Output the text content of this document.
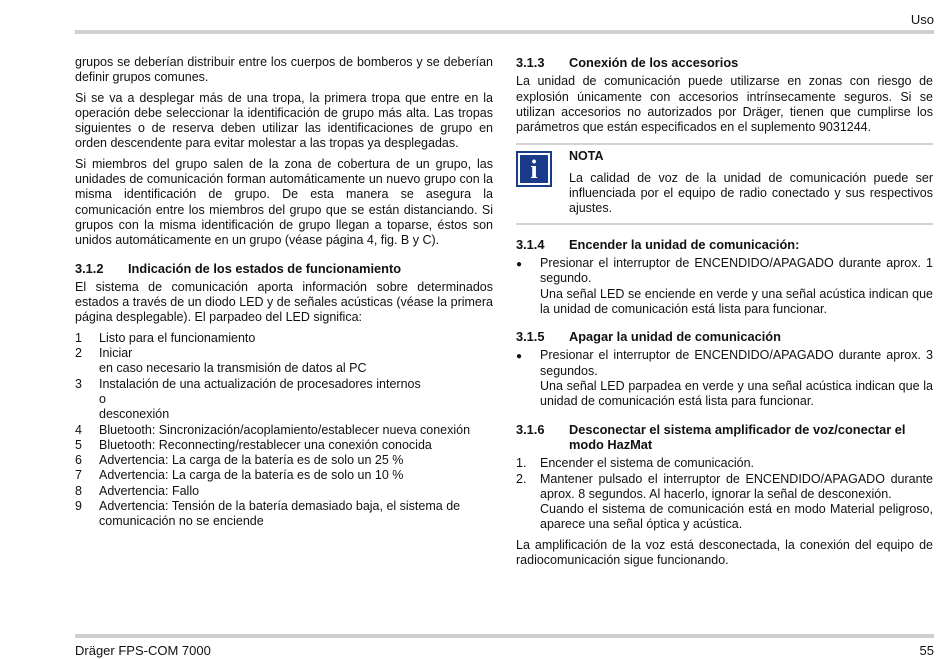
Uso

grupos se deberían distribuir entre los cuerpos de bomberos y se deberían definir grupos comunes.

Si se va a desplegar más de una tropa, la primera tropa que entre en la operación debe seleccionar la identificación de grupo más alta. Las tropas siguientes o de reserva deben utilizar las identificaciones de grupo en orden descendente para evitar molestar a las tropas ya desplegadas.

Si miembros del grupo salen de la zona de cobertura de un grupo, las unidades de comunicación forman automáticamente un nuevo grupo con la misma identificación de grupo. De esta manera se asegura la comunicación entre los miembros del grupo que se están distanciando. Si grupos con la misma identificación de grupo llegan a toparse, éstos son unidos automáticamente en un grupo (véase página 4, fig. B y C).

3.1.2	Indicación de los estados de funcionamiento

El sistema de comunicación aporta información sobre determinados estados a través de un diodo LED y de señales acústicas (véase la primera página desplegable). El parpadeo del LED significa:

1	Listo para el funcionamiento
2	Iniciar
en caso necesario la transmisión de datos al PC
3	Instalación de una actualización de procesadores internos
o
desconexión
4	Bluetooth: Sincronización/acoplamiento/establecer nueva conexión
5	Bluetooth: Reconnecting/restablecer una conexión conocida
6	Advertencia: La carga de la batería es de solo un 25 %
7	Advertencia: La carga de la batería es de solo un 10 %
8	Advertencia: Fallo
9	Advertencia: Tensión de la batería demasiado baja, el sistema de comunicación no se enciende
3.1.3	Conexión de los accesorios

La unidad de comunicación puede utilizarse en zonas con riesgo de explosión únicamente con accesorios intrínsecamente seguros. Si se utilizan accesorios no autorizados por Dräger, tienen que cumplirse los parámetros que están especificados en el suplemento 9031244.

i	NOTA
La calidad de voz de la unidad de comunicación puede ser influenciada por el equipo de radio conectado y sus respectivos ajustes.
3.1.4	Encender la unidad de comunicación:
●	Presionar el interruptor de ENCENDIDO/APAGADO durante aprox. 1 segundo.
Una señal LED se enciende en verde y una señal acústica indican que la unidad de comunicación está lista para funcionar.
3.1.5	Apagar la unidad de comunicación
●	Presionar el interruptor de ENCENDIDO/APAGADO durante aprox. 3 segundos.
Una señal LED parpadea en verde y una señal acústica indican que la unidad de comunicación está lista para funcionar.
3.1.6	Desconectar el sistema amplificador de voz/conectar el modo HazMat
1.	Encender el sistema de comunicación.
2.	Mantener pulsado el interruptor de ENCENDIDO/APAGADO durante aprox. 8 segundos. Al hacerlo, ignorar la señal de desconexión.
Cuando el sistema de comunicación está en modo Material peligroso, aparece una señal óptica y acústica.

La amplificación de la voz está desconectada, la conexión del equipo de radiocomunicación sigue funcionando.

Dräger FPS-COM 7000	55
